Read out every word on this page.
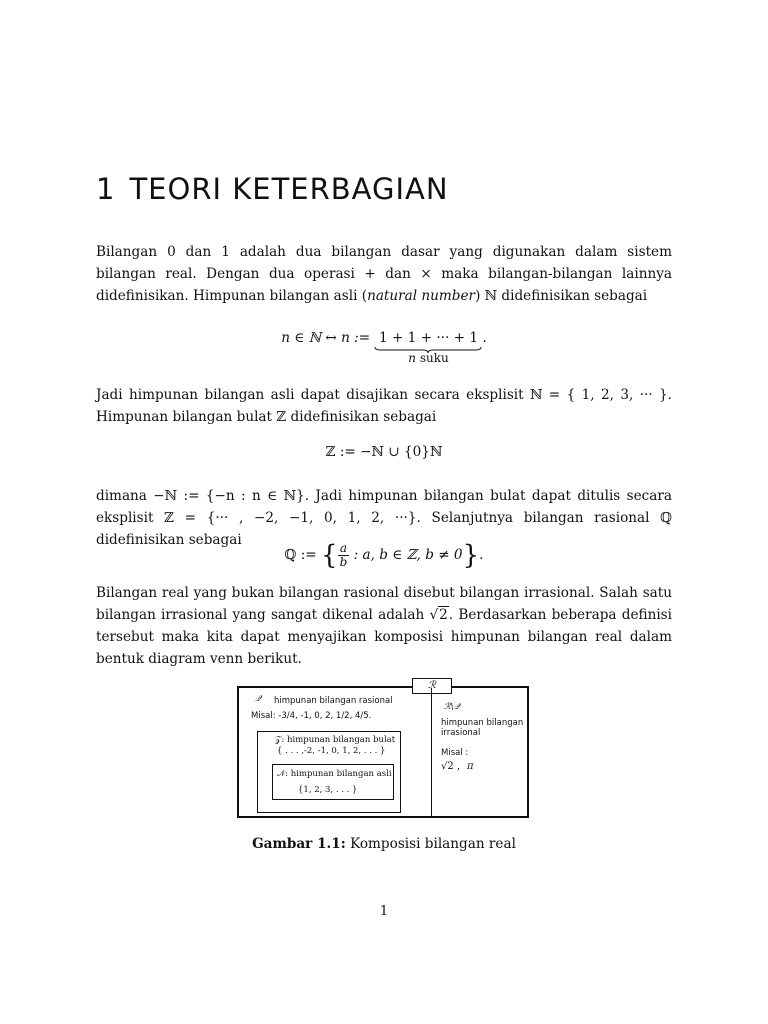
1 TEORI KETERBAGIAN

Bilangan 0 dan 1 adalah dua bilangan dasar yang digunakan dalam sistem bilangan real. Dengan dua operasi + dan × maka bilangan-bilangan lainnya didefinisikan. Himpunan bilangan asli (natural number) ℕ didefinisikan sebagai

n ∈ ℕ ↔ n := 1 + 1 + ··· + 1
n suku
.

Jadi himpunan bilangan asli dapat disajikan secara eksplisit ℕ = { 1, 2, 3, ··· }. Himpunan bilangan bulat ℤ didefinisikan sebagai

ℤ := −ℕ ∪ {0}ℕ

dimana −ℕ := {−n : n ∈ ℕ}. Jadi himpunan bilangan bulat dapat ditulis secara eksplisit ℤ = {··· , −2, −1, 0, 1, 2, ···}. Selanjutnya bilangan rasional ℚ didefinisikan sebagai

ℚ := { $\frac{a}{b}$ : a, b ∈ ℤ, b ≠ 0}.

Bilangan real yang bukan bilangan rasional disebut bilangan irrasional. Salah satu bilangan irrasional yang sangat dikenal adalah √2. Berdasarkan beberapa definisi tersebut maka kita dapat menyajikan komposisi himpunan bilangan real dalam bentuk diagram venn berikut.

ℛ
𝒬 himpunan bilangan rasional
Misal: -3/4, -1, 0, 2, 1/2, 4/5.
𝒵: himpunan bilangan bulat
{ . . . ,-2, -1, 0, 1, 2, . . . }
𝒩: himpunan bilangan asli
{1, 2, 3, . . . }
ℛ\𝒬
himpunan bilangan
irrasional
Misal :
√2 , π
Gambar 1.1: Komposisi bilangan real
1
